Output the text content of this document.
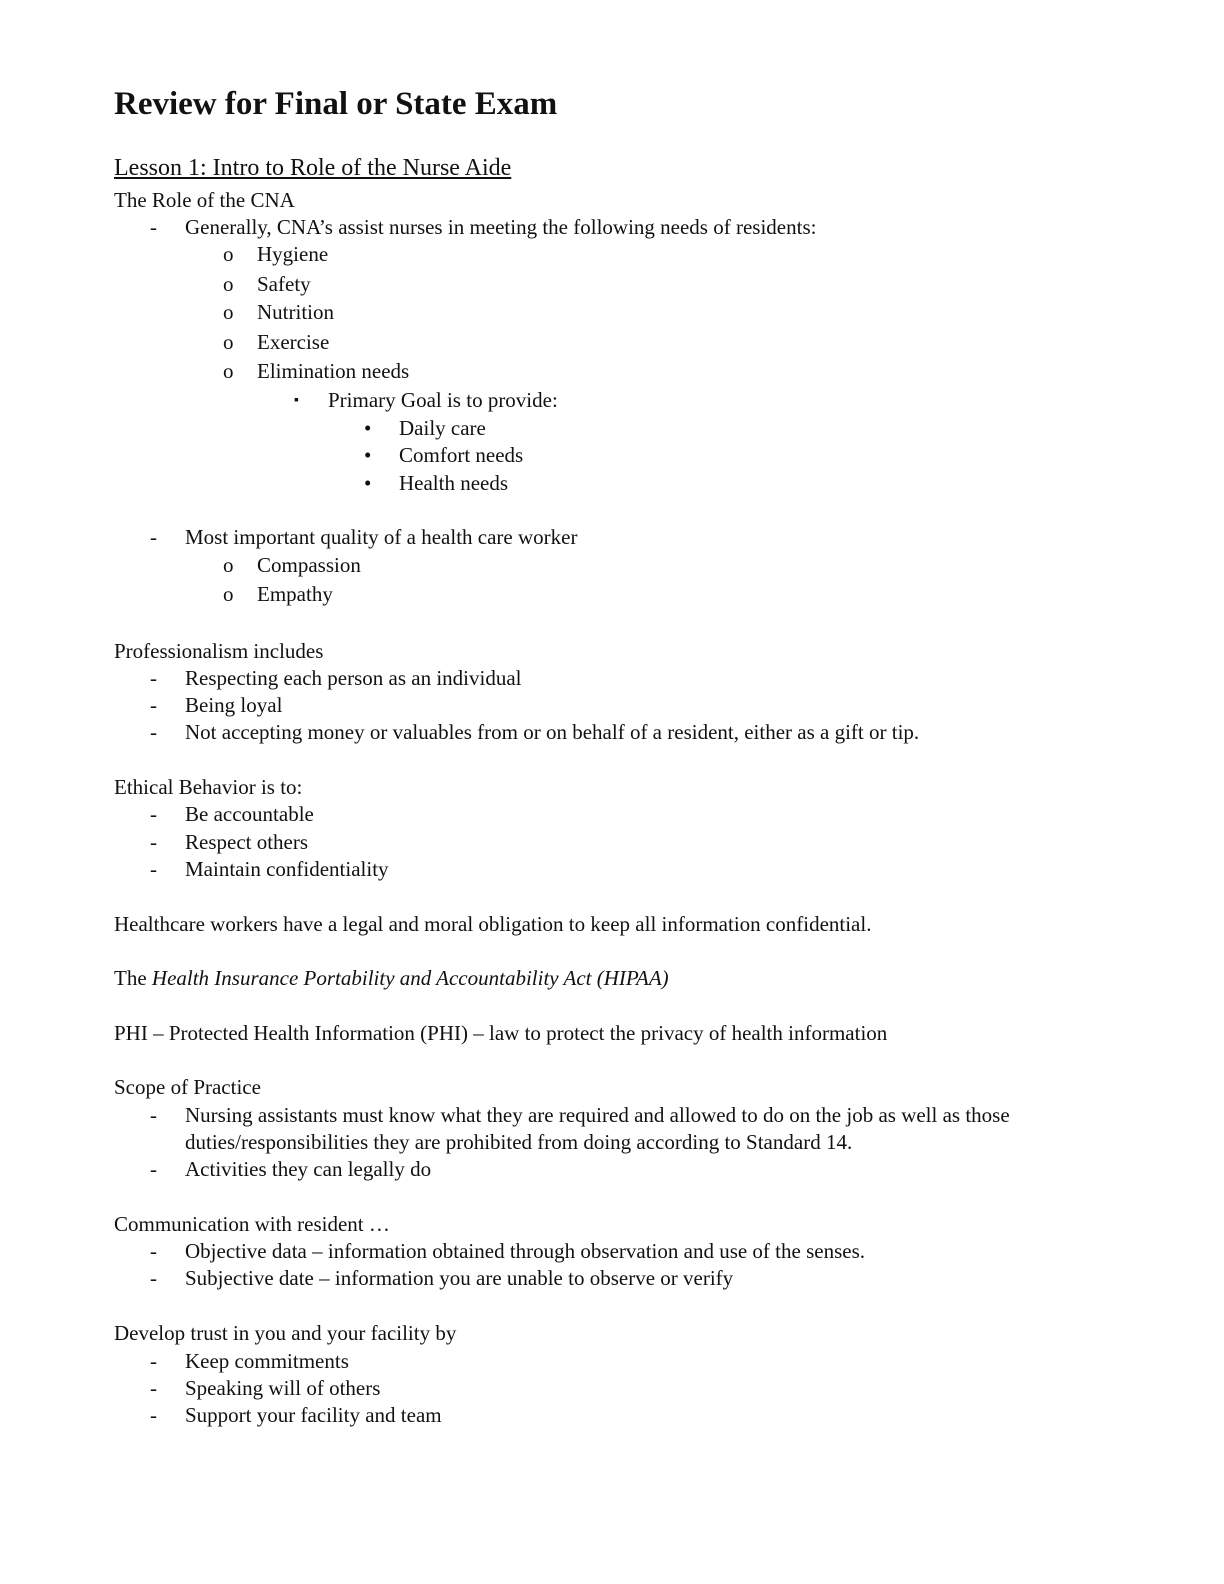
Review for Final or State Exam
Lesson 1: Intro to Role of the Nurse Aide
The Role of the CNA
- Generally, CNA’s assist nurses in meeting the following needs of residents:
o Hygiene
o Safety
o Nutrition
o Exercise
o Elimination needs
▪ Primary Goal is to provide:
• Daily care
• Comfort needs
• Health needs
- Most important quality of a health care worker
o Compassion
o Empathy
Professionalism includes
- Respecting each person as an individual
- Being loyal
- Not accepting money or valuables from or on behalf of a resident, either as a gift or tip.
Ethical Behavior is to:
- Be accountable
- Respect others
- Maintain confidentiality
Healthcare workers have a legal and moral obligation to keep all information confidential.
The Health Insurance Portability and Accountability Act (HIPAA)
PHI – Protected Health Information (PHI) – law to protect the privacy of health information
Scope of Practice
- Nursing assistants must know what they are required and allowed to do on the job as well as those duties/responsibilities they are prohibited from doing according to Standard 14.
- Activities they can legally do
Communication with resident …
- Objective data – information obtained through observation and use of the senses.
- Subjective date – information you are unable to observe or verify
Develop trust in you and your facility by
- Keep commitments
- Speaking will of others
- Support your facility and team
